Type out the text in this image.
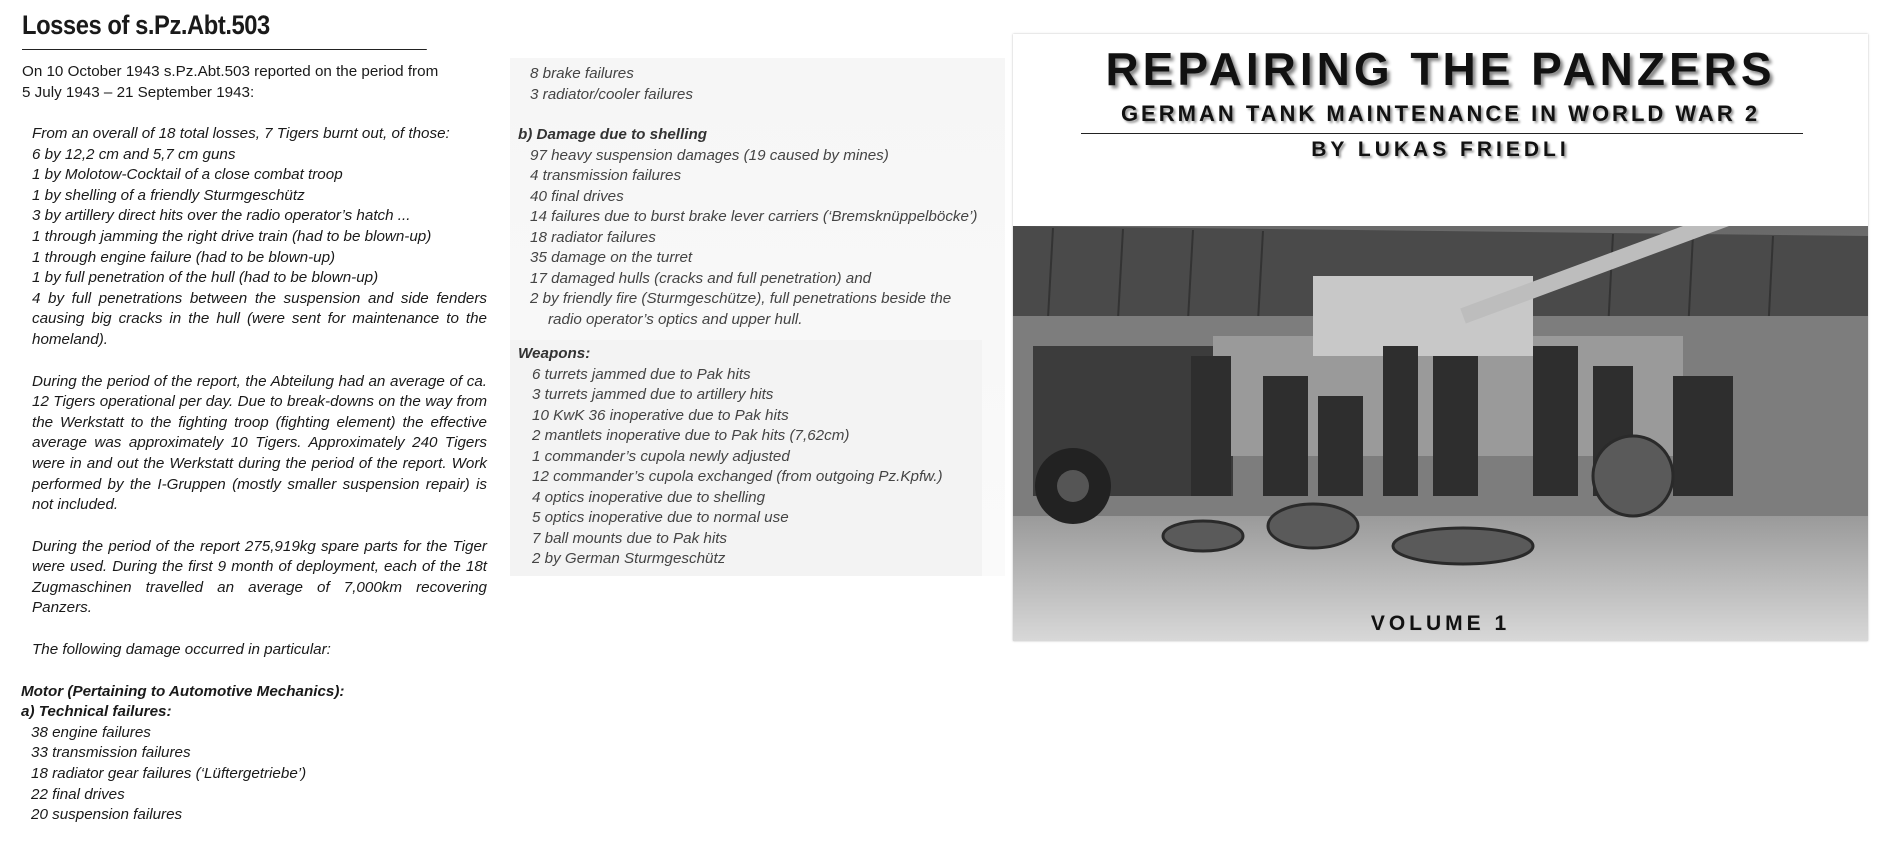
Losses of s.Pz.Abt.503
On 10 October 1943 s.Pz.Abt.503 reported on the period from
5 July 1943 – 21 September 1943:
From an overall of 18 total losses, 7 Tigers burnt out, of those:
6 by 12,2 cm and 5,7 cm guns
1 by Molotow-Cocktail of a close combat troop
1 by shelling of a friendly Sturmgeschütz
3 by artillery direct hits over the radio operator’s hatch ...
1 through jamming the right drive train (had to be blown-up)
1 through engine failure (had to be blown-up)
1 by full penetration of the hull (had to be blown-up)

4 by full penetrations between the suspension and side fenders causing big cracks in the hull (were sent for maintenance to the homeland).

During the period of the report, the Abteilung had an average of ca. 12 Tigers operational per day. Due to break-downs on the way from the Werkstatt to the fighting troop (fighting element) the effective average was approximately 10 Tigers. Approximately 240 Tigers were in and out the Werkstatt during the period of the report. Work performed by the I-Gruppen (mostly smaller suspension repair) is not included.

During the period of the report 275,919kg spare parts for the Tiger were used. During the first 9 month of deployment, each of the 18t Zugmaschinen travelled an average of 7,000km recovering Panzers.

The following damage occurred in particular:

Motor (Pertaining to Automotive Mechanics):
a) Technical failures:
38 engine failures
33 transmission failures
18 radiator gear failures (‘Lüftergetriebe’)
22 final drives
20 suspension failures
8 brake failures
3 radiator/cooler failures
b) Damage due to shelling
97 heavy suspension damages (19 caused by mines)
4 transmission failures
40 final drives
14 failures due to burst brake lever carriers (‘Bremsknüppelböcke’)
18 radiator failures
35 damage on the turret
17 damaged hulls (cracks and full penetration) and
2 by friendly fire (Sturmgeschütze), full penetrations beside the
radio operator’s optics and upper hull.
Weapons:
6 turrets jammed due to Pak hits
3 turrets jammed due to artillery hits
10 KwK 36 inoperative due to Pak hits
2 mantlets inoperative due to Pak hits (7,62cm)
1 commander’s cupola newly adjusted
12 commander’s cupola exchanged (from outgoing Pz.Kpfw.)
4 optics inoperative due to shelling
5 optics inoperative due to normal use
7 ball mounts due to Pak hits
2 by German Sturmgeschütz
REPAIRING THE PANZERS
GERMAN TANK MAINTENANCE IN WORLD WAR 2
BY LUKAS FRIEDLI
VOLUME 1
